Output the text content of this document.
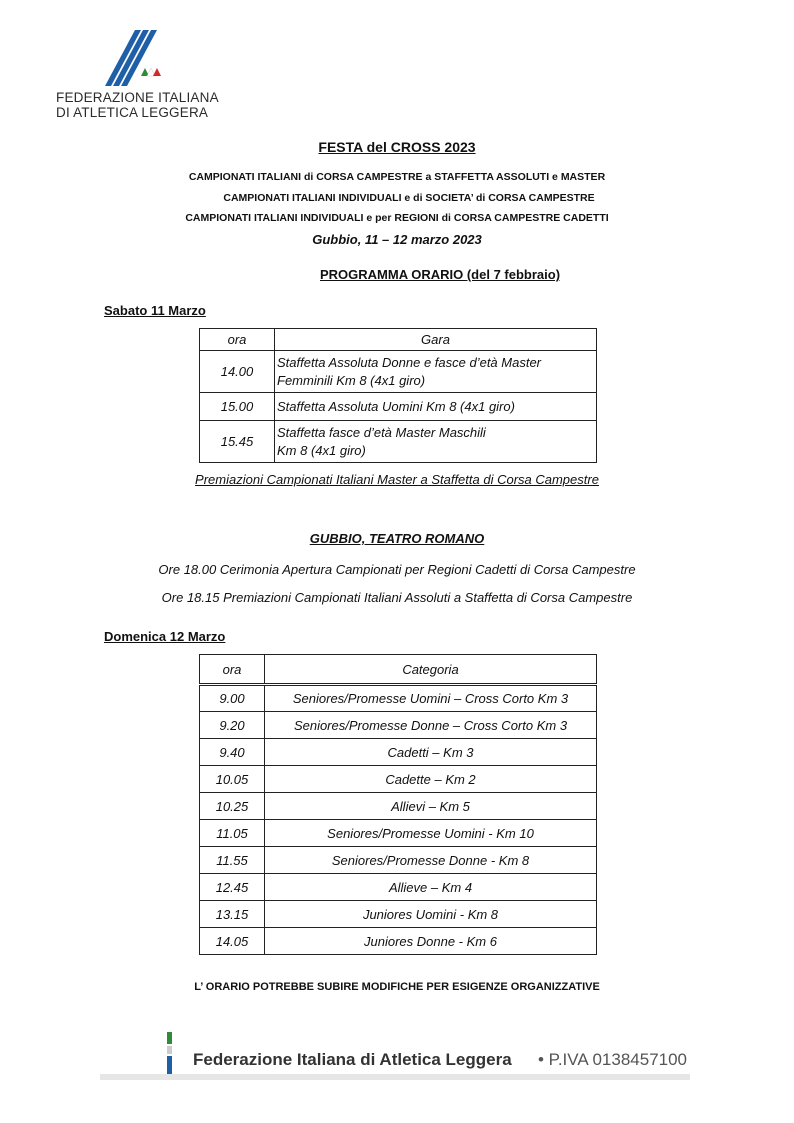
FEDERAZIONE ITALIANA
DI ATLETICA LEGGERA
FESTA del CROSS 2023
CAMPIONATI ITALIANI di CORSA CAMPESTRE a STAFFETTA ASSOLUTI e MASTER
CAMPIONATI ITALIANI INDIVIDUALI e di SOCIETA’ di CORSA CAMPESTRE
CAMPIONATI ITALIANI INDIVIDUALI e per REGIONI di CORSA CAMPESTRE CADETTI
Gubbio, 11 – 12 marzo 2023
PROGRAMMA ORARIO (del 7 febbraio)
Sabato 11 Marzo
ora	Gara
14.00	Staffetta Assoluta Donne e fasce d’età Master
Femminili Km 8 (4x1 giro)

15.00	Staffetta Assoluta Uomini Km 8 (4x1 giro)

15.45	Staffetta fasce d’età Master Maschili
Km 8 (4x1 giro)
Premiazioni Campionati Italiani Master a Staffetta di Corsa Campestre
GUBBIO, TEATRO ROMANO
Ore 18.00 Cerimonia Apertura Campionati per Regioni Cadetti di Corsa Campestre
Ore 18.15 Premiazioni Campionati Italiani Assoluti a Staffetta di Corsa Campestre
Domenica 12 Marzo
ora	Categoria
9.00	Seniores/Promesse Uomini – Cross Corto Km 3
9.20	Seniores/Promesse Donne – Cross Corto Km 3
9.40	Cadetti – Km 3
10.05	Cadette – Km 2
10.25	Allievi – Km 5
11.05	Seniores/Promesse Uomini - Km 10
11.55	Seniores/Promesse Donne - Km 8
12.45	Allieve – Km 4
13.15	Juniores Uomini - Km 8
14.05	Juniores Donne - Km 6
L’ ORARIO POTREBBE SUBIRE MODIFICHE PER ESIGENZE ORGANIZZATIVE
Federazione Italiana di Atletica Leggera • P.IVA 0138457100
